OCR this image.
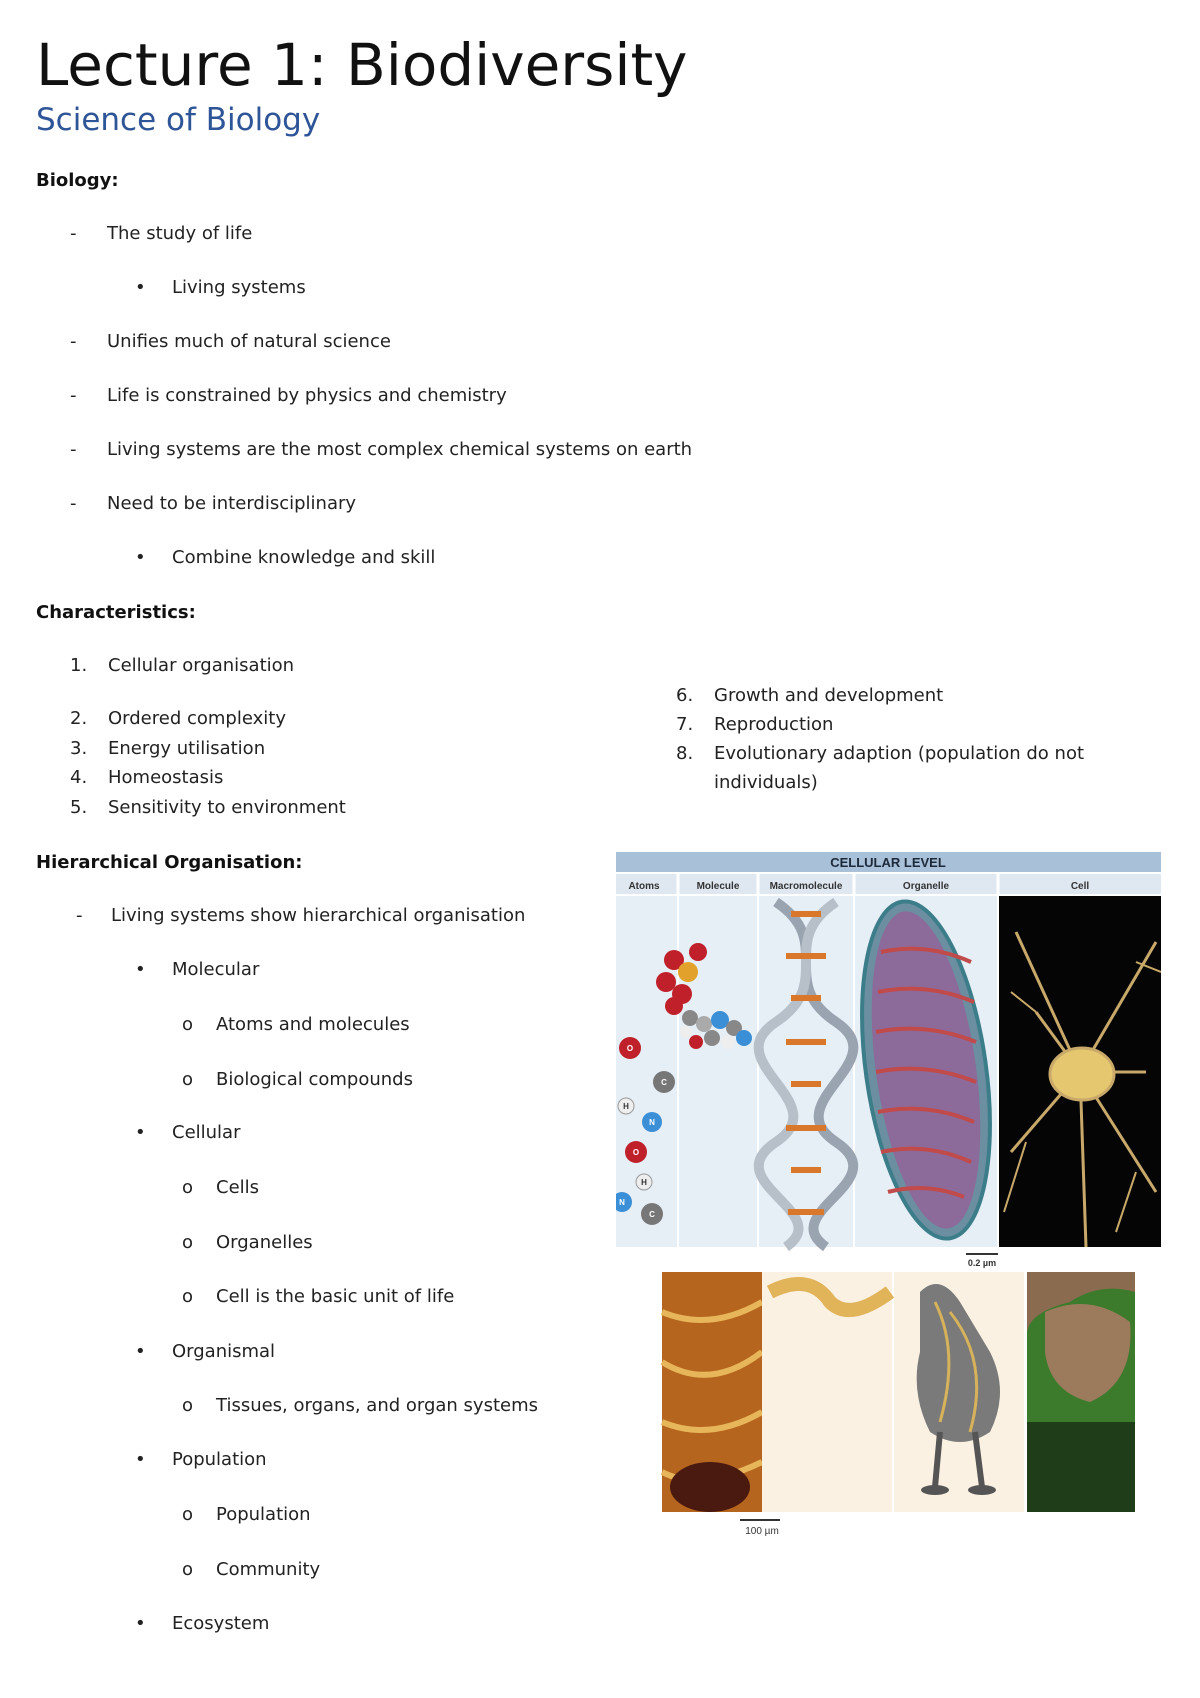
Lecture 1: Biodiversity
Science of Biology
Biology:
- The study of life
• Living systems
- Unifies much of natural science
- Life is constrained by physics and chemistry
- Living systems are the most complex chemical systems on earth
- Need to be interdisciplinary
• Combine knowledge and skill
Characteristics:
1. Cellular organisation
2. Ordered complexity
3. Energy utilisation
4. Homeostasis
5. Sensitivity to environment
6. Growth and development
7. Reproduction
8. Evolutionary adaption (population do not
individuals)
Hierarchical Organisation:
- Living systems show hierarchical organisation
• Molecular
o Atoms and molecules
o Biological compounds
• Cellular
o Cells
o Organelles
o Cell is the basic unit of life
• Organismal
o Tissues, organs, and organ systems
• Population
o Population
o Community
• Ecosystem
CELLULAR LEVEL
Atoms	Molecule	Macromolecule	Organelle	Cell
O
C
H
N
O
H
N
C
0.2 µm
100 µm
